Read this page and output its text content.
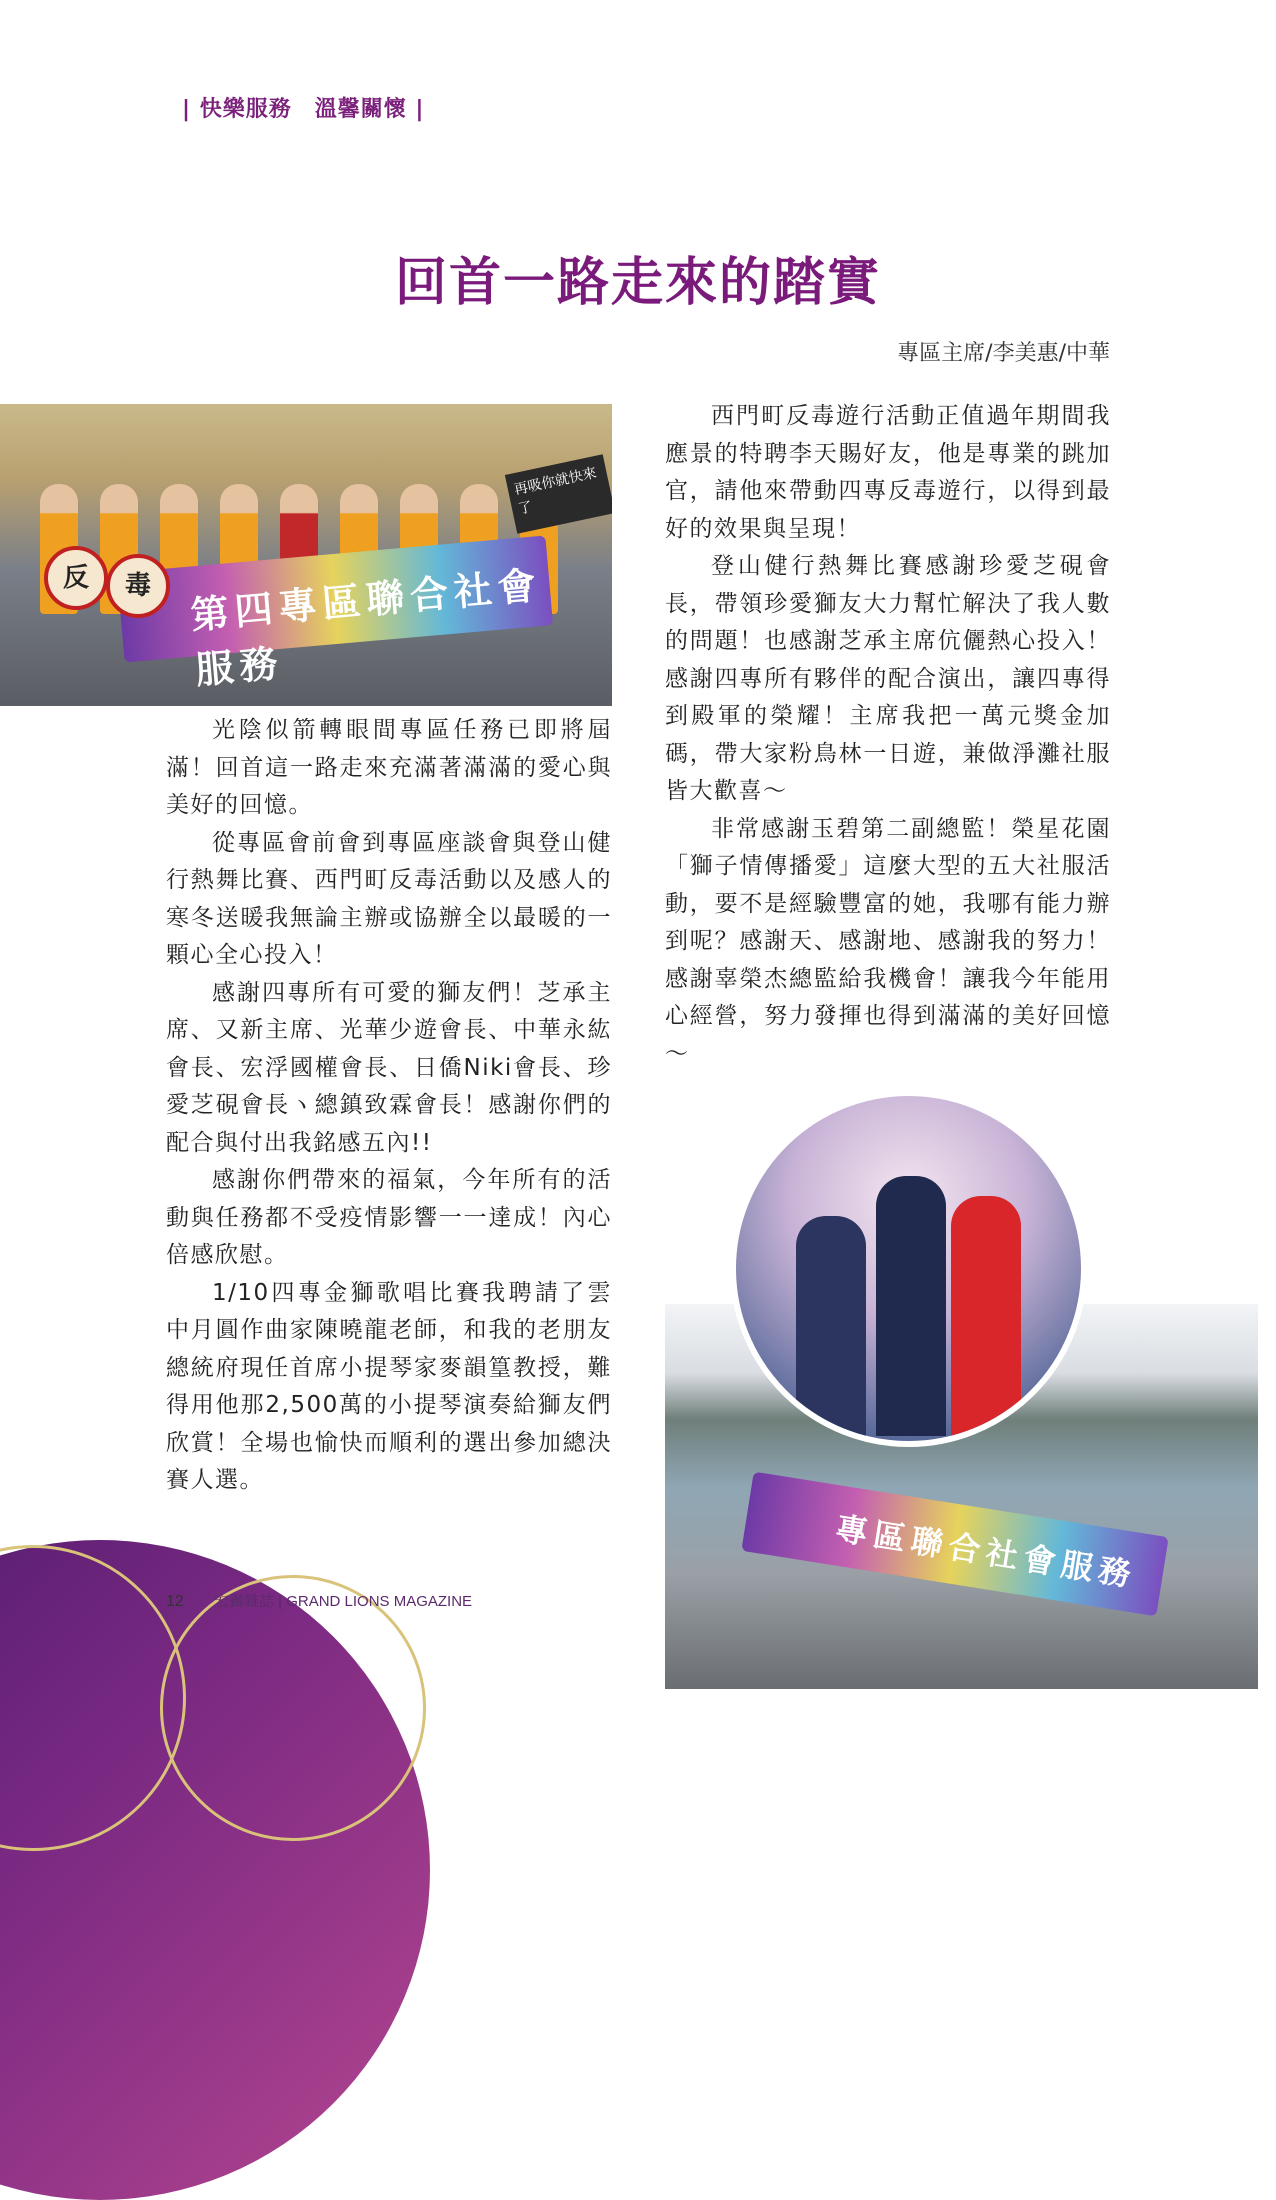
| 快樂服務　溫馨關懷 |
回首一路走來的踏實
專區主席/李美惠/中華
第四專區聯合社會服務
反	毒
再吸你就快來了

光陰似箭轉眼間專區任務已即將屆滿！回首這一路走來充滿著滿滿的愛心與美好的回憶。

從專區會前會到專區座談會與登山健行熱舞比賽、西門町反毒活動以及感人的寒冬送暖我無論主辦或協辦全以最暖的一顆心全心投入！

感謝四專所有可愛的獅友們！芝承主席、又新主席、光華少遊會長、中華永紘會長、宏浮國權會長、日僑Niki會長、珍愛芝硯會長ヽ總鎮致霖會長！感謝你們的配合與付出我銘感五內!!

感謝你們帶來的福氣，今年所有的活動與任務都不受疫情影響一一達成！內心倍感欣慰。

1/10四專金獅歌唱比賽我聘請了雲中月圓作曲家陳曉龍老師，和我的老朋友總統府現任首席小提琴家麥韻篁教授，難得用他那2,500萬的小提琴演奏給獅友們欣賞！全場也愉快而順利的選出參加總決賽人選。

西門町反毒遊行活動正值過年期間我應景的特聘李天賜好友，他是專業的跳加官，請他來帶動四專反毒遊行，以得到最好的效果與呈現！

登山健行熱舞比賽感謝珍愛芝硯會長，帶領珍愛獅友大力幫忙解決了我人數的問題！也感謝芝承主席伉儷熱心投入！感謝四專所有夥伴的配合演出，讓四專得到殿軍的榮耀！主席我把一萬元獎金加碼，帶大家粉鳥林一日遊，兼做淨灘社服皆大歡喜～

非常感謝玉碧第二副總監！榮星花園「獅子情傳播愛」這麼大型的五大社服活動，要不是經驗豐富的她，我哪有能力辦到呢？感謝天、感謝地、感謝我的努力！感謝辜榮杰總監給我機會！讓我今年能用心經營，努力發揮也得到滿滿的美好回憶～

專區聯合社會服務
12 宏獅雜誌 | GRAND LIONS MAGAZINE
